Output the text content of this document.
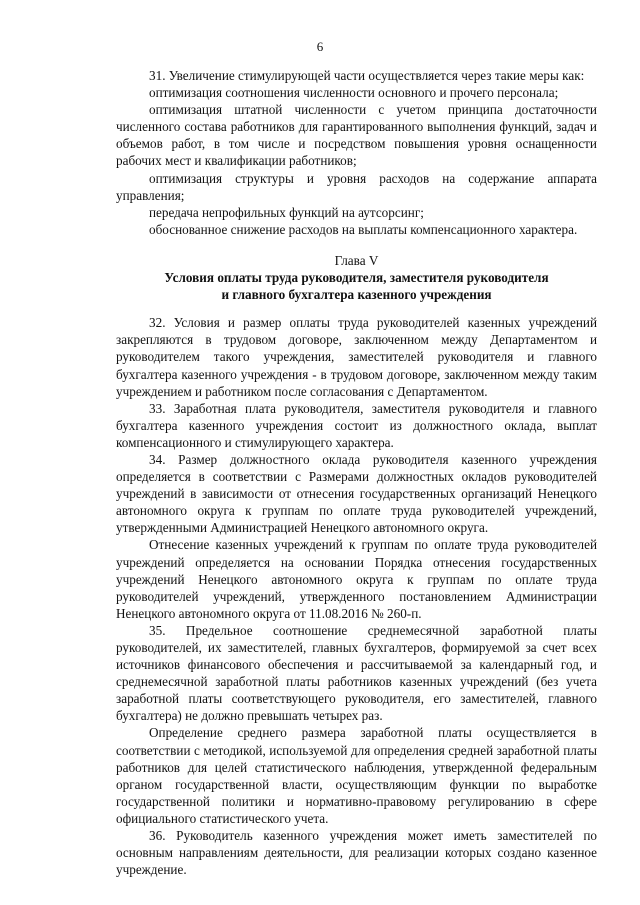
6

31. Увеличение стимулирующей части осуществляется через такие меры как:

оптимизация соотношения численности основного и прочего персонала;

оптимизация штатной численности с учетом принципа достаточности численного состава работников для гарантированного выполнения функций, задач и объемов работ, в том числе и посредством повышения уровня оснащенности рабочих мест и квалификации работников;

оптимизация структуры и уровня расходов на содержание аппарата управления;

передача непрофильных функций на аутсорсинг;

обоснованное снижение расходов на выплаты компенсационного характера.

Глава V

Условия оплаты труда руководителя, заместителя руководителя

и главного бухгалтера казенного учреждения

32. Условия и размер оплаты труда руководителей казенных учреждений закрепляются в трудовом договоре, заключенном между Департаментом и руководителем такого учреждения, заместителей руководителя и главного бухгалтера казенного учреждения - в трудовом договоре, заключенном между таким учреждением и работником после согласования с Департаментом.

33. Заработная плата руководителя, заместителя руководителя и главного бухгалтера казенного учреждения состоит из должностного оклада, выплат компенсационного и стимулирующего характера.

34. Размер должностного оклада руководителя казенного учреждения определяется в соответствии с Размерами должностных окладов руководителей учреждений в зависимости от отнесения государственных организаций Ненецкого автономного округа к группам по оплате труда руководителей учреждений, утвержденными Администрацией Ненецкого автономного округа.

Отнесение казенных учреждений к группам по оплате труда руководителей учреждений определяется на основании Порядка отнесения государственных учреждений Ненецкого автономного округа к группам по оплате труда руководителей учреждений, утвержденного постановлением Администрации Ненецкого автономного округа от 11.08.2016 № 260-п.

35. Предельное соотношение среднемесячной заработной платы руководителей, их заместителей, главных бухгалтеров, формируемой за счет всех источников финансового обеспечения и рассчитываемой за календарный год, и среднемесячной заработной платы работников казенных учреждений (без учета заработной платы соответствующего руководителя, его заместителей, главного бухгалтера) не должно превышать четырех раз.

Определение среднего размера заработной платы осуществляется в соответствии с методикой, используемой для определения средней заработной платы работников для целей статистического наблюдения, утвержденной федеральным органом государственной власти, осуществляющим функции по выработке государственной политики и нормативно-правовому регулированию в сфере официального статистического учета.

36. Руководитель казенного учреждения может иметь заместителей по основным направлениям деятельности, для реализации которых создано казенное учреждение.
